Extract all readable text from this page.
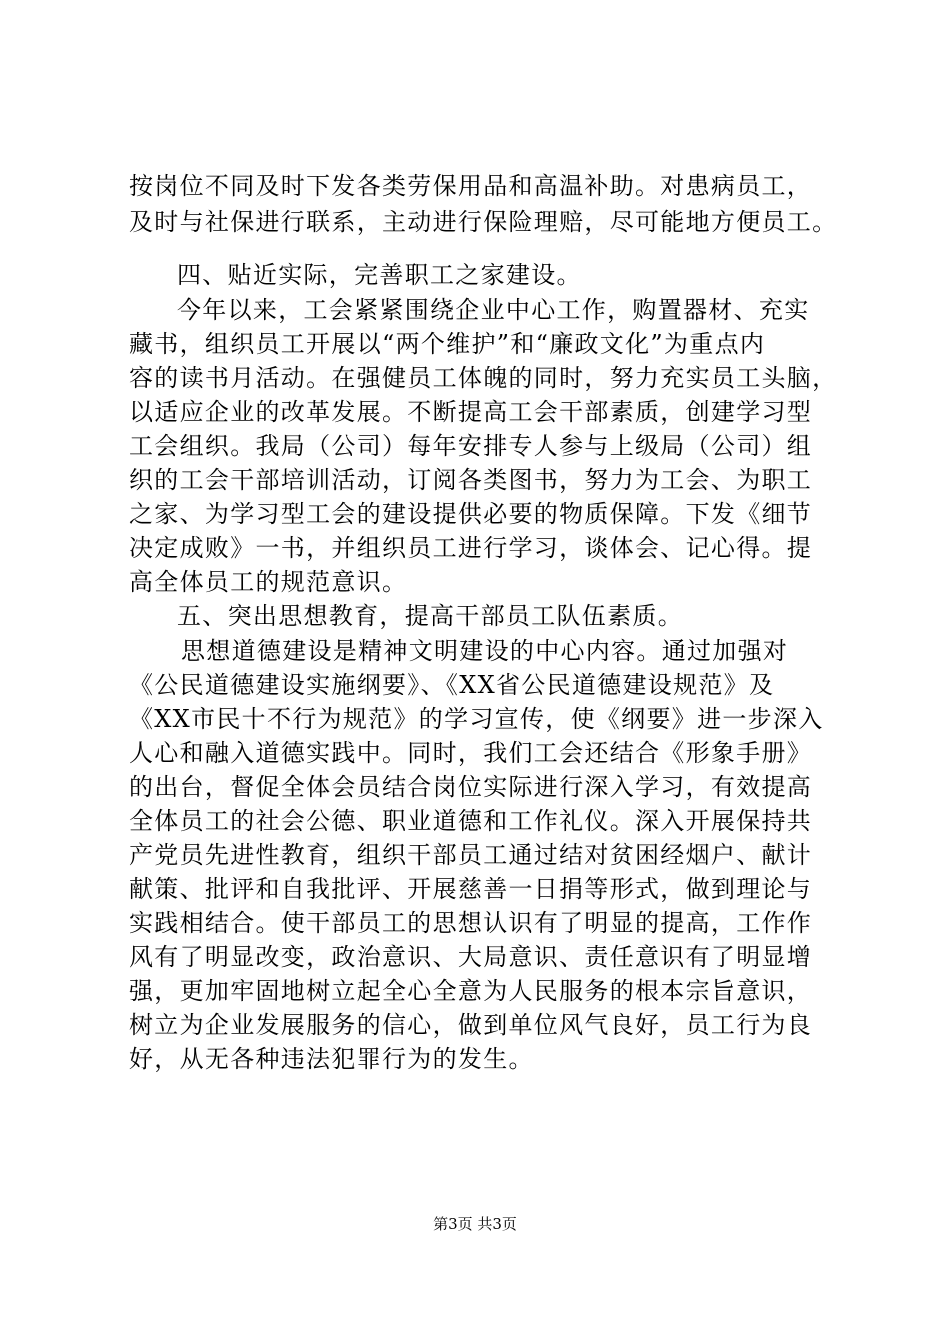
按岗位不同及时下发各类劳保用品和高温补助。对患病员工，
及时与社保进行联系，主动进行保险理赔，尽可能地方便员工。
四、贴近实际，完善职工之家建设。
今年以来，工会紧紧围绕企业中心工作，购置器材、充实
藏书，组织员工开展以“两个维护”和“廉政文化”为重点内
容的读书月活动。在强健员工体魄的同时，努力充实员工头脑，
以适应企业的改革发展。不断提高工会干部素质，创建学习型
工会组织。我局（公司）每年安排专人参与上级局（公司）组
织的工会干部培训活动，订阅各类图书，努力为工会、为职工
之家、为学习型工会的建设提供必要的物质保障。下发《细节
决定成败》一书，并组织员工进行学习，谈体会、记心得。提
高全体员工的规范意识。
五、突出思想教育，提高干部员工队伍素质。
思想道德建设是精神文明建设的中心内容。通过加强对
《公民道德建设实施纲要》、《XX省公民道德建设规范》及
《XX市民十不行为规范》的学习宣传，使《纲要》进一步深入
人心和融入道德实践中。同时，我们工会还结合《形象手册》
的出台，督促全体会员结合岗位实际进行深入学习，有效提高
全体员工的社会公德、职业道德和工作礼仪。深入开展保持共
产党员先进性教育，组织干部员工通过结对贫困经烟户、献计
献策、批评和自我批评、开展慈善一日捐等形式，做到理论与
实践相结合。使干部员工的思想认识有了明显的提高，工作作
风有了明显改变，政治意识、大局意识、责任意识有了明显增
强，更加牢固地树立起全心全意为人民服务的根本宗旨意识，
树立为企业发展服务的信心，做到单位风气良好，员工行为良
好，从无各种违法犯罪行为的发生。
第3页 共3页
